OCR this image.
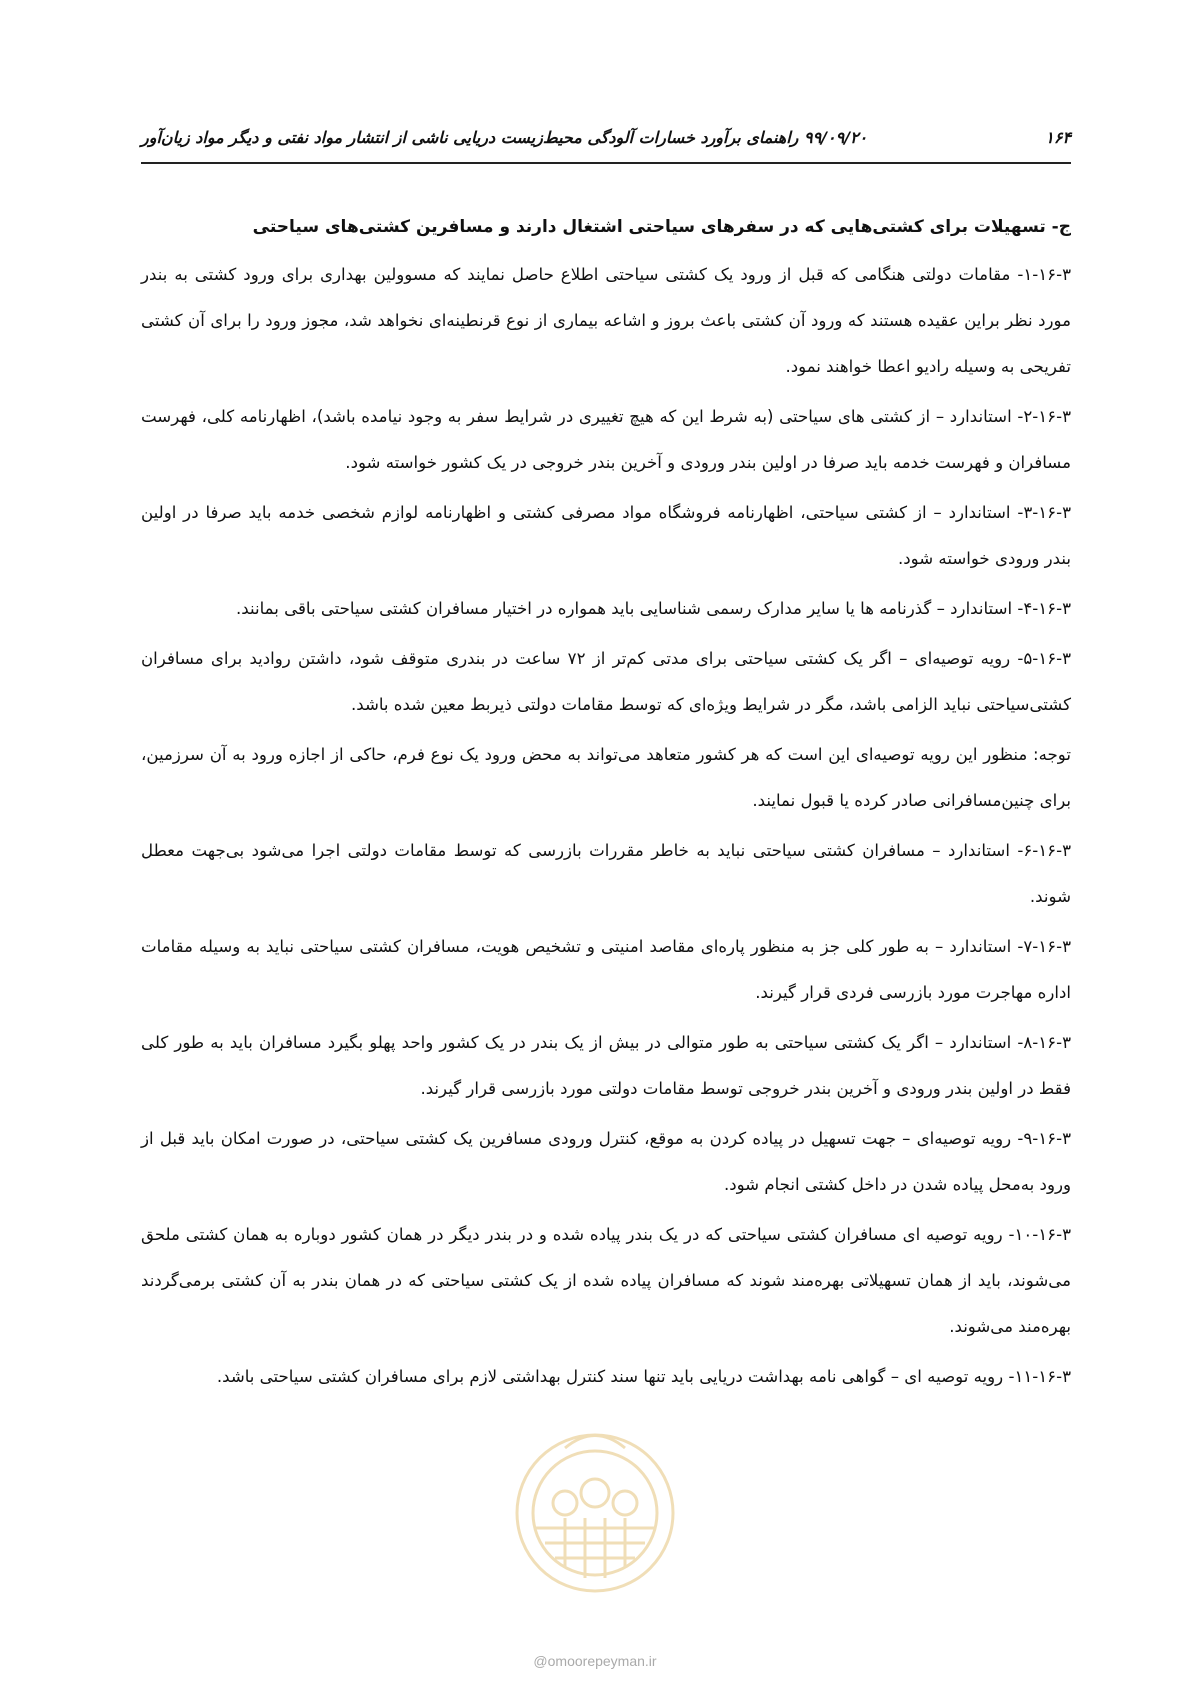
۱۶۴
۹۹/۰۹/۲۰ راهنمای برآورد خسارات آلودگی محیط‌زیست دریایی ناشی از انتشار مواد نفتی و دیگر مواد زیان‌آور
ج- تسهیلات برای کشتی‌هایی که در سفرهای سیاحتی اشتغال دارند و مسافرین کشتی‌های سیاحتی

۱-۱۶-۳- مقامات دولتی هنگامی که قبل از ورود یک کشتی سیاحتی اطلاع حاصل نمایند که مسوولین بهداری برای ورود کشتی به بندر مورد نظر براین عقیده هستند که ورود آن کشتی باعث بروز و اشاعه بیماری از نوع قرنطینه‌ای نخواهد شد، مجوز ورود را برای آن کشتی تفریحی به وسیله رادیو اعطا خواهند نمود.

۲-۱۶-۳- استاندارد – از کشتی های سیاحتی (به شرط این که هیچ تغییری در شرایط سفر به وجود نیامده باشد)، اظهارنامه کلی، فهرست مسافران و فهرست خدمه باید صرفا در اولین بندر ورودی و آخرین بندر خروجی در یک کشور خواسته شود.

۳-۱۶-۳- استاندارد – از کشتی سیاحتی، اظهارنامه فروشگاه مواد مصرفی کشتی و اظهارنامه لوازم شخصی خدمه باید صرفا در اولین بندر ورودی خواسته شود.

۴-۱۶-۳- استاندارد – گذرنامه ها یا سایر مدارک رسمی شناسایی باید همواره در اختیار مسافران کشتی سیاحتی باقی بمانند.

۵-۱۶-۳- رویه توصیه‌ای – اگر یک کشتی سیاحتی برای مدتی کم‌تر از ۷۲ ساعت در بندری متوقف شود، داشتن روادید برای مسافران کشتی‌سیاحتی نباید الزامی باشد، مگر در شرایط ویژه‌ای که توسط مقامات دولتی ذیربط معین شده باشد.

توجه: منظور این رویه توصیه‌ای این است که هر کشور متعاهد می‌تواند به محض ورود یک نوع فرم، حاکی از اجازه ورود به آن سرزمین، برای چنین‌مسافرانی صادر کرده یا قبول نمایند.

۶-۱۶-۳- استاندارد – مسافران کشتی سیاحتی نباید به خاطر مقررات بازرسی که توسط مقامات دولتی اجرا می‌شود بی‌جهت معطل شوند.

۷-۱۶-۳- استاندارد – به طور کلی جز به منظور پاره‌ای مقاصد امنیتی و تشخیص هویت، مسافران کشتی سیاحتی نباید به وسیله مقامات اداره مهاجرت مورد بازرسی فردی قرار گیرند.

۸-۱۶-۳- استاندارد – اگر یک کشتی سیاحتی به طور متوالی در بیش از یک بندر در یک کشور واحد پهلو بگیرد مسافران باید به طور کلی فقط در اولین بندر ورودی و آخرین بندر خروجی توسط مقامات دولتی مورد بازرسی قرار گیرند.

۹-۱۶-۳- رویه توصیه‌ای – جهت تسهیل در پیاده کردن به موقع، کنترل ورودی مسافرین یک کشتی سیاحتی، در صورت امکان باید قبل از ورود به‌محل پیاده شدن در داخل کشتی انجام شود.

۱۰-۱۶-۳- رویه توصیه ای مسافران کشتی سیاحتی که در یک بندر پیاده شده و در بندر دیگر در همان کشور دوباره به همان کشتی ملحق می‌شوند، باید از همان تسهیلاتی بهره‌مند شوند که مسافران پیاده شده از یک کشتی سیاحتی که در همان بندر به آن کشتی برمی‌گردند بهره‌مند می‌شوند.

۱۱-۱۶-۳- رویه توصیه ای – گواهی نامه بهداشت دریایی باید تنها سند کنترل بهداشتی لازم برای مسافران کشتی سیاحتی باشد.

@omoorepeyman.ir
